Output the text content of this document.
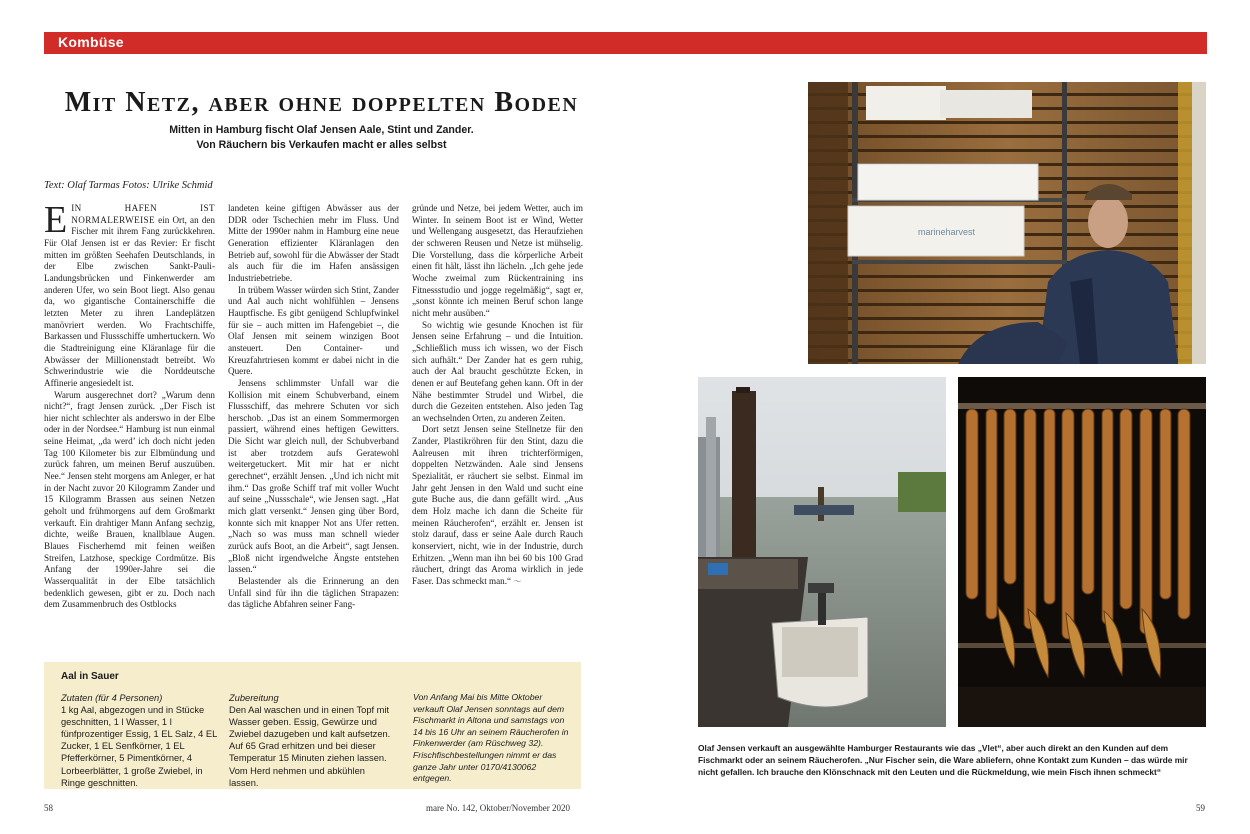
Kombüse
Mit Netz, aber ohne doppelten Boden
Mitten in Hamburg fischt Olaf Jensen Aale, Stint und Zander.
Von Räuchern bis Verkaufen macht er alles selbst
Text: Olaf Tarmas Fotos: Ulrike Schmid

EIN HAFEN IST NORMALERWEISE ein Ort, an den Fischer mit ihrem Fang zurückkehren. Für Olaf Jensen ist er das Revier: Er fischt mitten im größten Seehafen Deutschlands, in der Elbe zwischen Sankt-Pauli-Landungsbrücken und Finkenwerder am anderen Ufer, wo sein Boot liegt. Also genau da, wo gigantische Containerschiffe die letzten Meter zu ihren Landeplätzen manövriert werden. Wo Frachtschiffe, Barkassen und Flussschiffe umhertuckern. Wo die Stadtreinigung eine Kläranlage für die Abwässer der Millionenstadt betreibt. Wo Schwerindustrie wie die Norddeutsche Affinerie angesiedelt ist.

Warum ausgerechnet dort? „Warum denn nicht?“, fragt Jensen zurück. „Der Fisch ist hier nicht schlechter als anderswo in der Elbe oder in der Nordsee.“ Hamburg ist nun einmal seine Heimat, „da werd’ ich doch nicht jeden Tag 100 Kilometer bis zur Elbmündung und zurück fahren, um meinen Beruf auszuüben. Nee.“ Jensen steht morgens am Anleger, er hat in der Nacht zuvor 20 Kilogramm Zander und 15 Kilogramm Brassen aus seinen Netzen geholt und frühmorgens auf dem Großmarkt verkauft. Ein drahtiger Mann Anfang sechzig, dichte, weiße Brauen, knallblaue Augen. Blaues Fischerhemd mit feinen weißen Streifen, Latzhose, speckige Cordmütze. Bis Anfang der 1990er-Jahre sei die Wasserqualität in der Elbe tatsächlich bedenklich gewesen, gibt er zu. Doch nach dem Zusammenbruch des Ostblocks

landeten keine giftigen Abwässer aus der DDR oder Tschechien mehr im Fluss. Und Mitte der 1990er nahm in Hamburg eine neue Generation effizienter Kläranlagen den Betrieb auf, sowohl für die Abwässer der Stadt als auch für die im Hafen ansässigen Industriebetriebe.

In trübem Wasser würden sich Stint, Zander und Aal auch nicht wohlfühlen – Jensens Hauptfische. Es gibt genügend Schlupfwinkel für sie – auch mitten im Hafengebiet –, die Olaf Jensen mit seinem winzigen Boot ansteuert. Den Container- und Kreuzfahrtriesen kommt er dabei nicht in die Quere.

Jensens schlimmster Unfall war die Kollision mit einem Schubverband, einem Flussschiff, das mehrere Schuten vor sich herschob. „Das ist an einem Sommermorgen passiert, während eines heftigen Gewitters. Die Sicht war gleich null, der Schubverband ist aber trotzdem aufs Geratewohl weitergetuckert. Mit mir hat er nicht gerechnet“, erzählt Jensen. „Und ich nicht mit ihm.“ Das große Schiff traf mit voller Wucht auf seine „Nussschale“, wie Jensen sagt. „Hat mich glatt versenkt.“ Jensen ging über Bord, konnte sich mit knapper Not ans Ufer retten. „Nach so was muss man schnell wieder zurück aufs Boot, an die Arbeit“, sagt Jensen. „Bloß nicht irgendwelche Ängste entstehen lassen.“

Belastender als die Erinnerung an den Unfall sind für ihn die täglichen Strapazen: das tägliche Abfahren seiner Fang-

gründe und Netze, bei jedem Wetter, auch im Winter. In seinem Boot ist er Wind, Wetter und Wellengang ausgesetzt, das Heraufziehen der schweren Reusen und Netze ist mühselig. Die Vorstellung, dass die körperliche Arbeit einen fit hält, lässt ihn lächeln. „Ich gehe jede Woche zweimal zum Rückentraining ins Fitnessstudio und jogge regelmäßig“, sagt er, „sonst könnte ich meinen Beruf schon lange nicht mehr ausüben.“

So wichtig wie gesunde Knochen ist für Jensen seine Erfahrung – und die Intuition. „Schließlich muss ich wissen, wo der Fisch sich aufhält.“ Der Zander hat es gern ruhig, auch der Aal braucht geschützte Ecken, in denen er auf Beutefang gehen kann. Oft in der Nähe bestimmter Strudel und Wirbel, die durch die Gezeiten entstehen. Also jeden Tag an wechselnden Orten, zu anderen Zeiten.

Dort setzt Jensen seine Stellnetze für den Zander, Plastikröhren für den Stint, dazu die Aalreusen mit ihren trichterförmigen, doppelten Netzwänden. Aale sind Jensens Spezialität, er räuchert sie selbst. Einmal im Jahr geht Jensen in den Wald und sucht eine gute Buche aus, die dann gefällt wird. „Aus dem Holz mache ich dann die Scheite für meinen Räucherofen“, erzählt er. Jensen ist stolz darauf, dass er seine Aale durch Rauch konserviert, nicht, wie in der Industrie, durch Erhitzen. „Wenn man ihn bei 60 bis 100 Grad räuchert, dringt das Aroma wirklich in jede Faser. Das schmeckt man.“ 〜

Aal in Sauer
Zutaten (für 4 Personen)
1 kg Aal, abgezogen und in Stücke geschnitten, 1 l Wasser, 1 l fünfprozentiger Essig, 1 EL Salz, 4 EL Zucker, 1 EL Senfkörner, 1 EL Pfefferkörner, 5 Pimentkörner, 4 Lorbeerblätter, 1 große Zwiebel, in Ringe geschnitten.
Zubereitung
Den Aal waschen und in einen Topf mit Wasser geben. Essig, Gewürze und Zwiebel dazugeben und kalt aufsetzen. Auf 65 Grad erhitzen und bei dieser Temperatur 15 Minuten ziehen lassen. Vom Herd nehmen und abkühlen lassen.
Von Anfang Mai bis Mitte Oktober verkauft Olaf Jensen sonntags auf dem Fischmarkt in Altona und samstags von 14 bis 16 Uhr an seinem Räucherofen in Finkenwerder (am Rüschweg 32). Frischfischbestellungen nimmt er das ganze Jahr unter 0170/4130062 entgegen.
58	mare No. 142, Oktober/November 2020	59
marineharvest
Olaf Jensen verkauft an ausgewählte Hamburger Restaurants wie das „Vlet“, aber auch direkt an den Kunden auf dem Fischmarkt oder an seinem Räucherofen. „Nur Fischer sein, die Ware abliefern, ohne Kontakt zum Kunden – das würde mir nicht gefallen. Ich brauche den Klönschnack mit den Leuten und die Rückmeldung, wie mein Fisch ihnen schmeckt“
